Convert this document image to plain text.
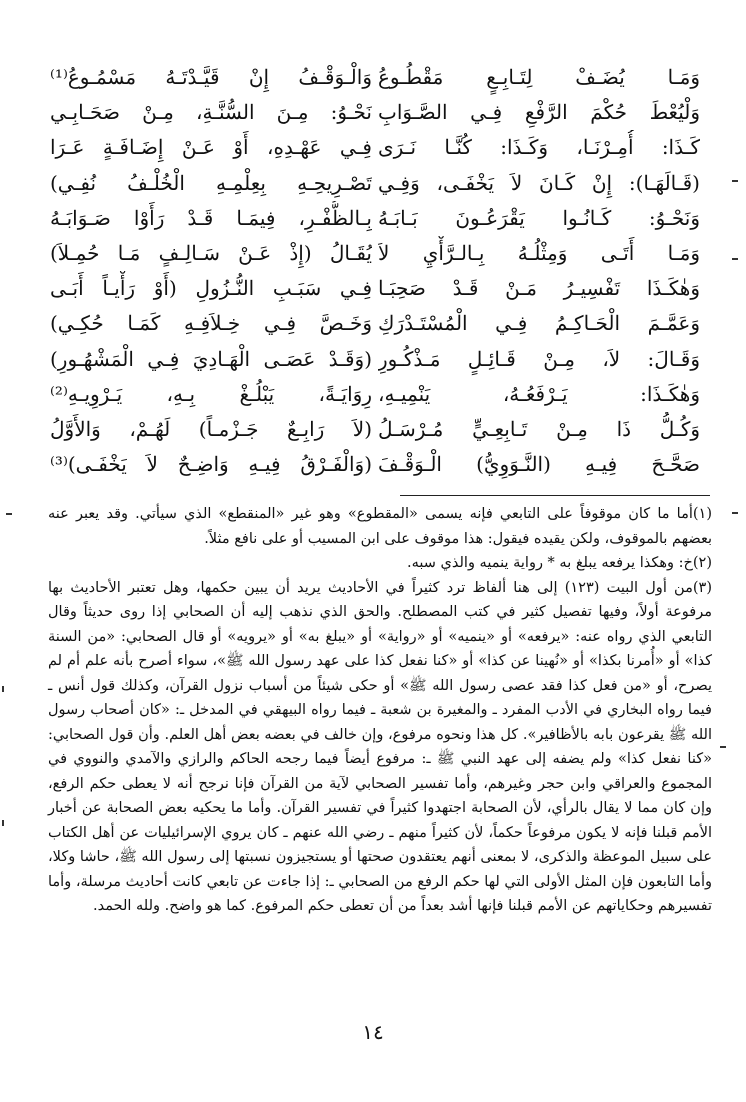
وَمَـا يُضَـفْ لِتَـابِـعٍ مَقْطُـوعُ
وَلْيُعْطَ حُكْمَ الرَّفْعِ فِـي الصَّـوَابِ
كَـذَا: أُمِـرْنَـا، وَكَـذَا: كُنَّـا نَـرَى
(قَـالَهَـا): إِنْ كَـانَ لاَ يَخْفَـى، وَفِـي
وَنَحْـوُ: كَـانُـوا يَقْرَعُـونَ بَـابَـهُ
وَمَـا أَتَـى وَمِثْلُـهُ بِـالـرَّأْيِ لاَ
وَهٰكَـذَا تَفْسِيـرُ مَـنْ قَـدْ صَحِبَـا
وَعَمَّـمَ الْحَـاكِـمُ فِـي الْمُسْتَـدْرَكِ
وَقَـالَ: لاَ، مِـنْ قَـائِـلٍ مَـذْكُـورِ
وَهٰكَـذَا: يَـرْفَعُـهُ، يَنْمِيـهِ،
وَكُـلُّ ذَا مِـنْ تَـابِعِـيٍّ مُـرْسَـلُ
صَحَّـحَ فِيـهِ (النَّـوَوِيُّ) الْـوَقْـفَ
وَالْـوَقْـفُ إِنْ قَيَّـدْتَـهُ مَسْمُـوعُ⁽¹⁾
نَحْـوُ: مِـنَ السُّنَّـةِ، مِـنْ صَحَـابِـي
فِـي عَهْـدِهِ، أَوْ عَـنْ إِضَـافَـةٍ عَـرَا
تَصْـرِيحِـهِ بِعِلْمِـهِ الْخُلْـفُ نُفِـي)
بِـالظُّفْـرِ، فِيمَـا قَـدْ رَأَوْا صَـوَابَـهُ
يُقَـالُ (إِذْ عَـنْ سَـالِـفٍ مَـا حُمِـلاَ)
فِـي سَبَـبِ النُّـزُولِ (أَوْ رَأْيـاً أَبَـى
وَخَـصَّ فِـي خِـلاَفِـهِ كَمَـا حُكِـي)
(وَقَـدْ عَصَـى الْهَـادِيَ فِـي الْمَشْهُـورِ)
رِوَايَـةً، يَبْلُـغْ بِـهِ، يَـرْوِيـهِ⁽²⁾
(لاَ رَابِـعٌ جَـزْمـاً) لَهُـمْ، وَالأَوَّلُ
(وَالْفَـرْقُ فِيـهِ وَاضِـحٌ لاَ يَخْفَـى)⁽³⁾

(١)أما ما كان موقوفاً على التابعي فإنه يسمى «المقطوع» وهو غير «المنقطع» الذي سيأتي. وقد يعبر عنه بعضهم بالموقوف، ولكن يقيده فيقول: هذا موقوف على ابن المسيب أو على نافع مثلاً.

(٢)خ: وهكذا يرفعه يبلغ به * رواية ينميه والذي سبه.

(٣)من أول البيت (١٢٣) إلى هنا ألفاظ ترد كثيراً في الأحاديث يريد أن يبين حكمها، وهل تعتبر الأحاديث بها مرفوعة أولاً، وفيها تفصيل كثير في كتب المصطلح. والحق الذي نذهب إليه أن الصحابي إذا روى حديثاً وقال التابعي الذي رواه عنه: «يرفعه» أو «ينميه» أو «رواية» أو «يبلغ به» أو «يرويه» أو قال الصحابي: «من السنة كذا» أو «أُمرنا بكذا» أو «نُهينا عن كذا» أو «كنا نفعل كذا على عهد رسول الله ﷺ»، سواء أصرح بأنه علم أم لم يصرح، أو «من فعل كذا فقد عصى رسول الله ﷺ» أو حكى شيئاً من أسباب نزول القرآن، وكذلك قول أنس ـ فيما رواه البخاري في الأدب المفرد ـ والمغيرة بن شعبة ـ فيما رواه البيهقي في المدخل ـ: «كان أصحاب رسول الله ﷺ يقرعون بابه بالأظافير». كل هذا ونحوه مرفوع، وإن خالف في بعضه بعض أهل العلم. وأن قول الصحابي: «كنا نفعل كذا» ولم يضفه إلى عهد النبي ﷺ ـ: مرفوع أيضاً فيما رجحه الحاكم والرازي والآمدي والنووي في المجموع والعراقي وابن حجر وغيرهم، وأما تفسير الصحابي لآية من القرآن فإنا نرجح أنه لا يعطى حكم الرفع، وإن كان مما لا يقال بالرأي، لأن الصحابة اجتهدوا كثيراً في تفسير القرآن. وأما ما يحكيه بعض الصحابة عن أخبار الأمم قبلنا فإنه لا يكون مرفوعاً حكماً، لأن كثيراً منهم ـ رضي الله عنهم ـ كان يروي الإسرائيليات عن أهل الكتاب على سبيل الموعظة والذكرى، لا بمعنى أنهم يعتقدون صحتها أو يستجيزون نسبتها إلى رسول الله ﷺ، حاشا وكلا، وأما التابعون فإن المثل الأولى التي لها حكم الرفع من الصحابي ـ: إذا جاءت عن تابعي كانت أحاديث مرسلة، وأما تفسيرهم وحكاياتهم عن الأمم قبلنا فإنها أشد بعداً من أن تعطى حكم المرفوع. كما هو واضح. ولله الحمد.

١٤
